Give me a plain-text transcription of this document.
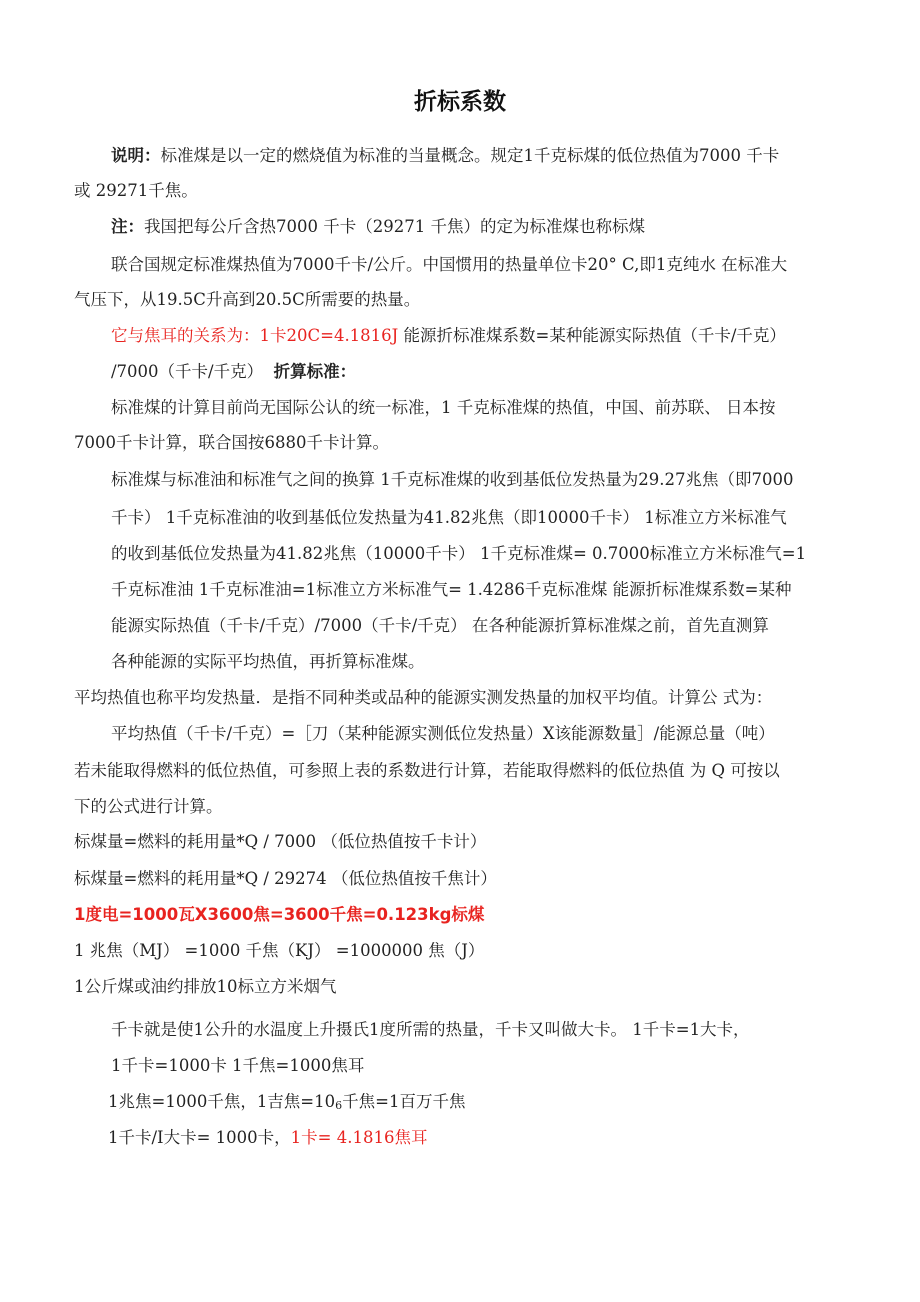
折标系数
说明：标准煤是以一定的燃烧值为标准的当量概念。规定1千克标煤的低位热值为7000 千卡
或 29271千焦。
注：我国把每公斤含热7000 千卡（29271 千焦）的定为标准煤也称标煤
联合国规定标准煤热值为7000千卡/公斤。中国惯用的热量单位卡20° C,即1克纯水 在标准大
气压下，从19.5C升高到20.5C所需要的热量。
它与焦耳的关系为：1卡20C=4.1816J 能源折标准煤系数=某种能源实际热值（千卡/千克）
/7000（千卡/千克） 折算标准：
标准煤的计算目前尚无国际公认的统一标准，1 千克标准煤的热值，中国、前苏联、 日本按
7000千卡计算，联合国按6880千卡计算。
标准煤与标准油和标准气之间的换算 1千克标准煤的收到基低位发热量为29.27兆焦（即7000
千卡） 1千克标准油的收到基低位发热量为41.82兆焦（即10000千卡） 1标准立方米标准气
的收到基低位发热量为41.82兆焦（10000千卡） 1千克标准煤= 0.7000标准立方米标准气=1
千克标准油 1千克标准油=1标准立方米标准气= 1.4286千克标准煤 能源折标准煤系数=某种
能源实际热值（千卡/千克）/7000（千卡/千克） 在各种能源折算标准煤之前，首先直测算
各种能源的实际平均热值，再折算标准煤。
平均热值也称平均发热量．是指不同种类或品种的能源实测发热量的加权平均值。计算公 式为：
平均热值（千卡/千克）=［刀（某种能源实测低位发热量）X该能源数量］/能源总量（吨）
若未能取得燃料的低位热值，可参照上表的系数进行计算，若能取得燃料的低位热值 为 Q 可按以
下的公式进行计算。
标煤量=燃料的耗用量*Q / 7000 （低位热值按千卡计）
标煤量=燃料的耗用量*Q / 29274 （低位热值按千焦计）
1度电=1000瓦X3600焦=3600千焦=0.123kg标煤
1 兆焦（MJ） =1000 千焦（KJ） =1000000 焦（J）
1公斤煤或油约排放10标立方米烟气
千卡就是使1公升的水温度上升摄氏1度所需的热量，千卡又叫做大卡。 1千卡=1大卡，
1千卡=1000卡 1千焦=1000焦耳
1兆焦=1000千焦，1吉焦=106千焦=1百万千焦
1千卡/I大卡= 1000卡，1卡= 4.1816焦耳
